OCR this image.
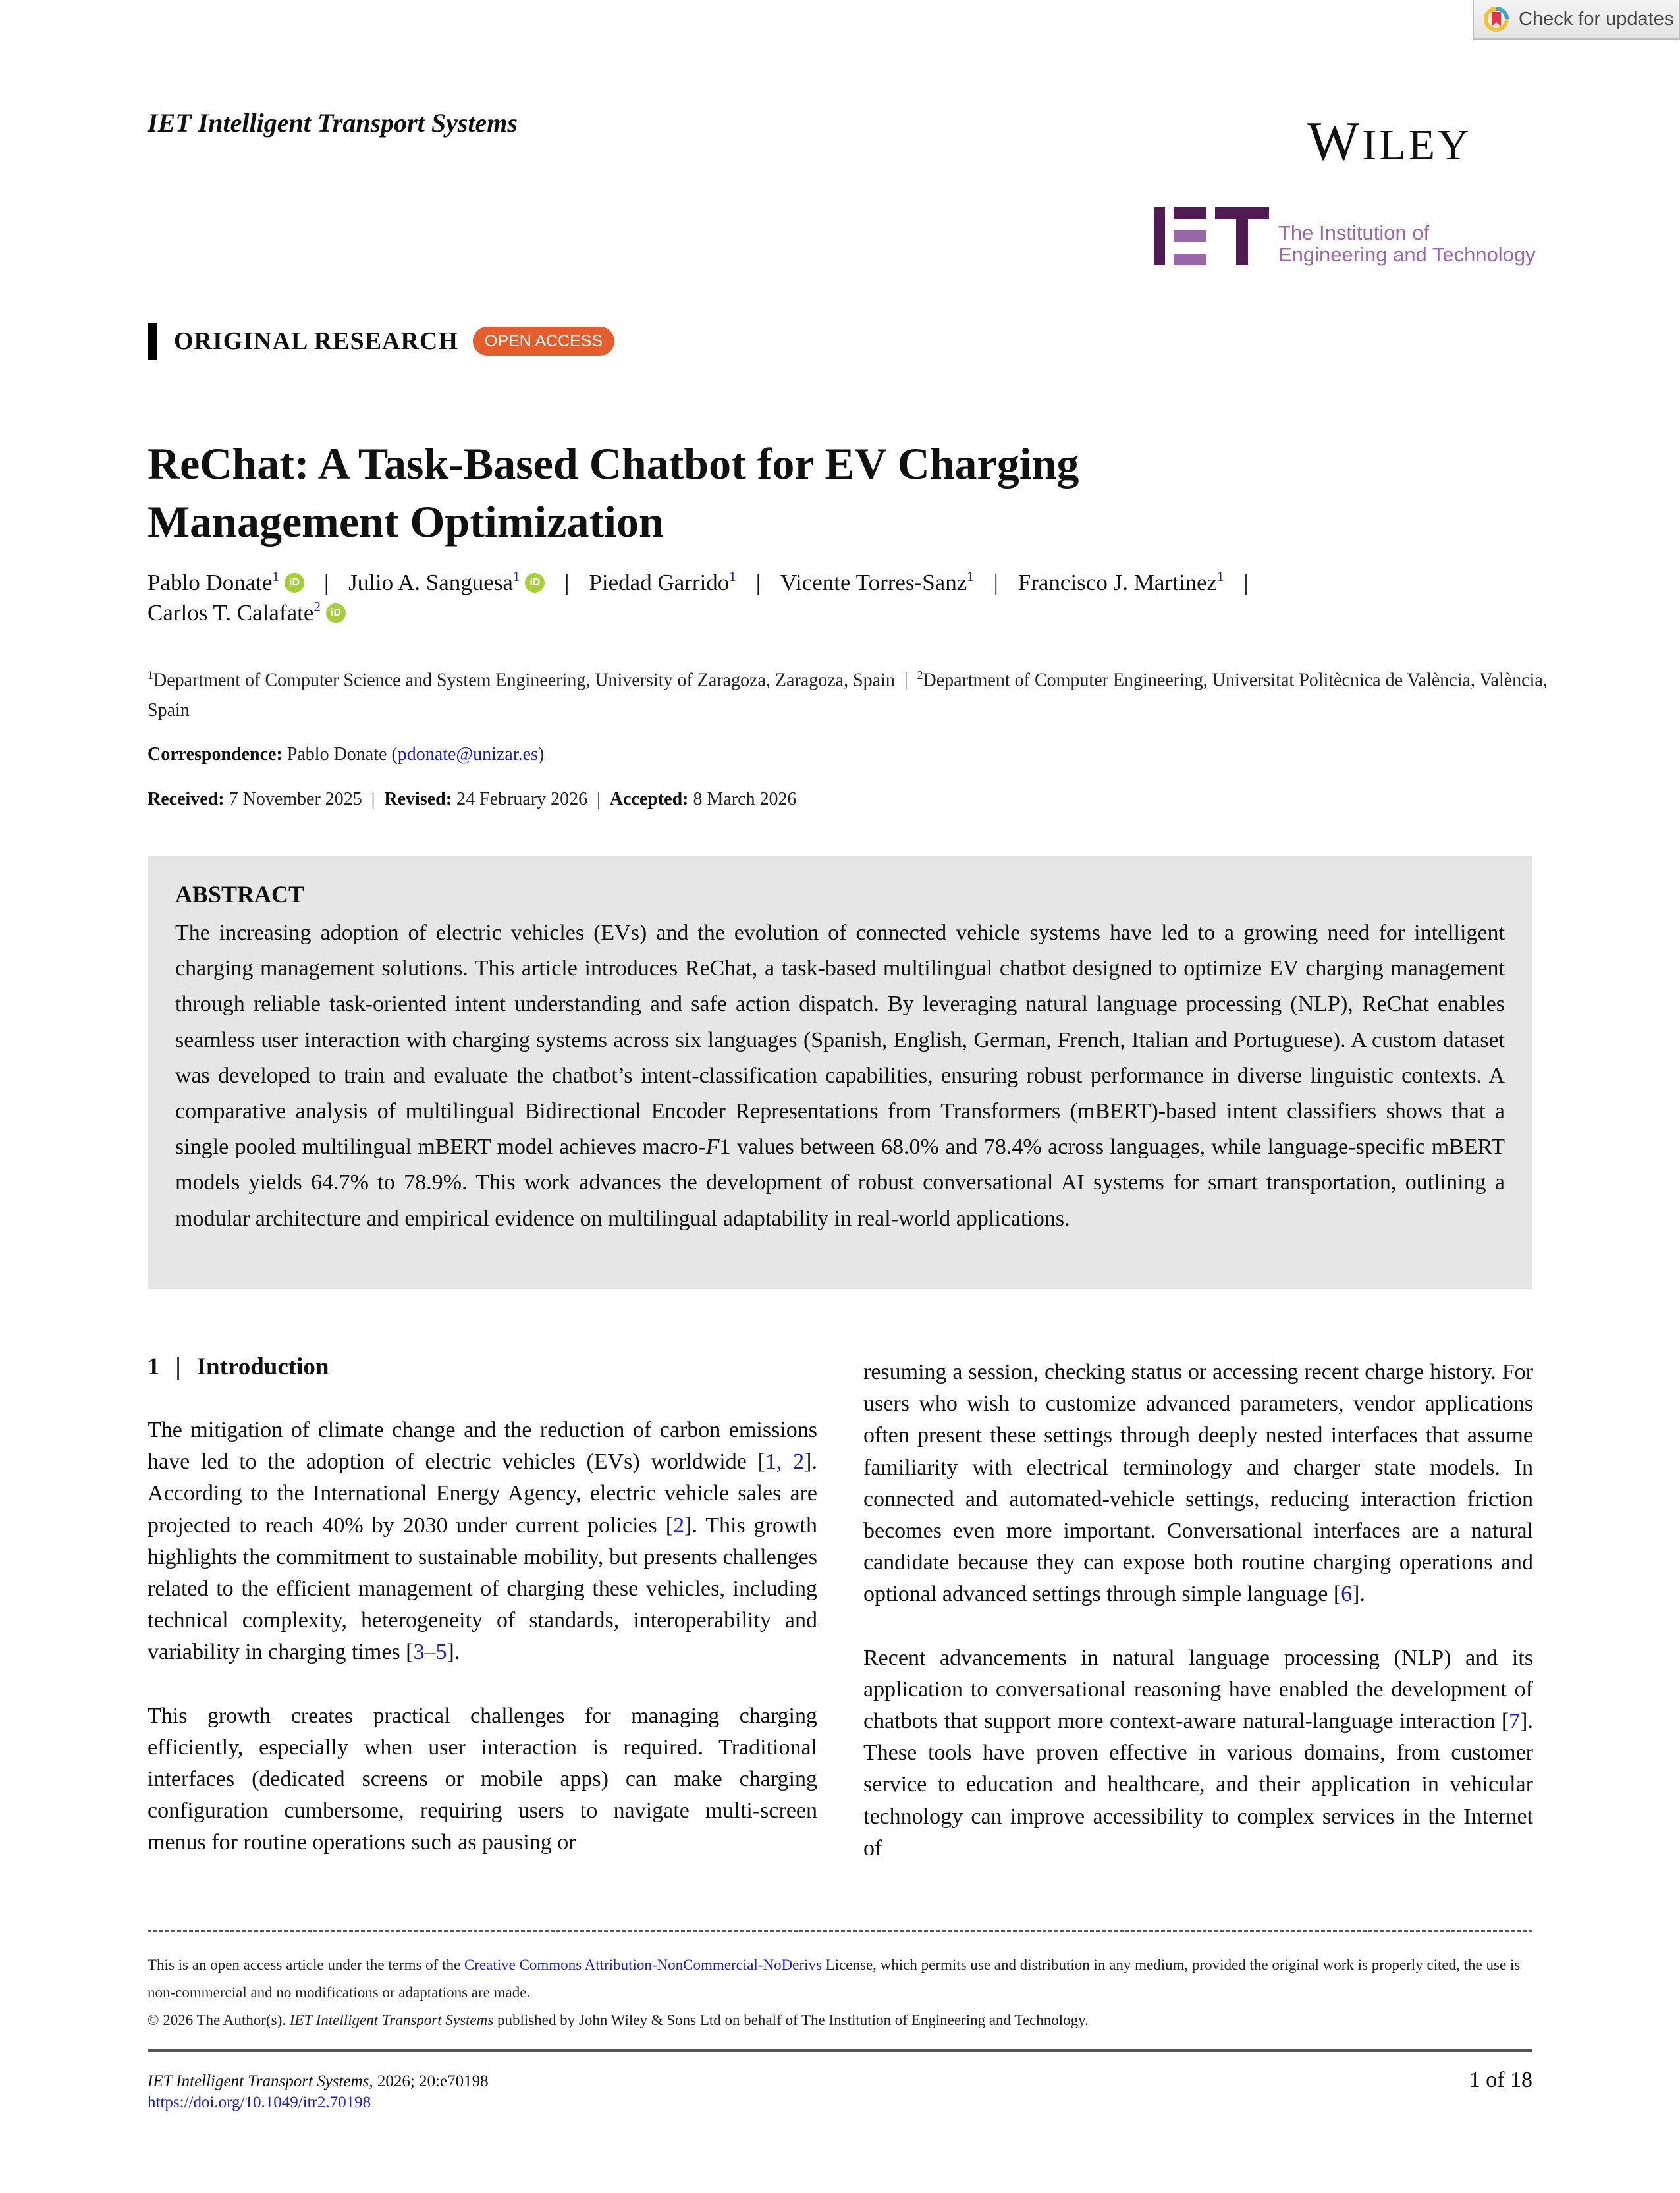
Check for updates
IET Intelligent Transport Systems	WILEY
The Institution of
Engineering and Technology
ORIGINAL RESEARCH	OPEN ACCESS
ReChat: A Task-Based Chatbot for EV Charging Management Optimization
Pablo Donate$^1$ iD | Julio A. Sanguesa$^1$ iD | Piedad Garrido$^1$ | Vicente Torres-Sanz$^1$ | Francisco J. Martinez$^1$ |

Carlos T. Calafate$^2$ iD
$^1$Department of Computer Science and System Engineering, University of Zaragoza, Zaragoza, Spain | $^2$Department of Computer Engineering, Universitat Politècnica de València, València, Spain
Correspondence: Pablo Donate (pdonate@unizar.es)
Received: 7 November 2025 | Revised: 24 February 2026 | Accepted: 8 March 2026
ABSTRACT

The increasing adoption of electric vehicles (EVs) and the evolution of connected vehicle systems have led to a growing need for intelligent charging management solutions. This article introduces ReChat, a task-based multilingual chatbot designed to optimize EV charging management through reliable task-oriented intent understanding and safe action dispatch. By leveraging natural language processing (NLP), ReChat enables seamless user interaction with charging systems across six languages (Spanish, English, German, French, Italian and Portuguese). A custom dataset was developed to train and evaluate the chatbot’s intent-classification capabilities, ensuring robust performance in diverse linguistic contexts. A comparative analysis of multilingual Bidirectional Encoder Representations from Transformers (mBERT)-based intent classifiers shows that a single pooled multilingual mBERT model achieves macro-F1 values between 68.0% and 78.4% across languages, while language-specific mBERT models yields 64.7% to 78.9%. This work advances the development of robust conversational AI systems for smart transportation, outlining a modular architecture and empirical evidence on multilingual adaptability in real-world applications.

1 | Introduction

The mitigation of climate change and the reduction of carbon emissions have led to the adoption of electric vehicles (EVs) worldwide [1, 2]. According to the International Energy Agency, electric vehicle sales are projected to reach 40% by 2030 under current policies [2]. This growth highlights the commitment to sustainable mobility, but presents challenges related to the efficient management of charging these vehicles, including technical complexity, heterogeneity of standards, interoperability and variability in charging times [3–5].

This growth creates practical challenges for managing charging efficiently, especially when user interaction is required. Traditional interfaces (dedicated screens or mobile apps) can make charging configuration cumbersome, requiring users to navigate multi-screen menus for routine operations such as pausing or

resuming a session, checking status or accessing recent charge history. For users who wish to customize advanced parameters, vendor applications often present these settings through deeply nested interfaces that assume familiarity with electrical terminology and charger state models. In connected and automated-vehicle settings, reducing interaction friction becomes even more important. Conversational interfaces are a natural candidate because they can expose both routine charging operations and optional advanced settings through simple language [6].

Recent advancements in natural language processing (NLP) and its application to conversational reasoning have enabled the development of chatbots that support more context-aware natural-language interaction [7]. These tools have proven effective in various domains, from customer service to education and healthcare, and their application in vehicular technology can improve accessibility to complex services in the Internet of

This is an open access article under the terms of the Creative Commons Attribution-NonCommercial-NoDerivs License, which permits use and distribution in any medium, provided the original work is properly cited, the use is non-commercial and no modifications or adaptations are made.
© 2026 The Author(s). IET Intelligent Transport Systems published by John Wiley & Sons Ltd on behalf of The Institution of Engineering and Technology.
IET Intelligent Transport Systems, 2026; 20:e70198
https://doi.org/10.1049/itr2.70198
1 of 18
